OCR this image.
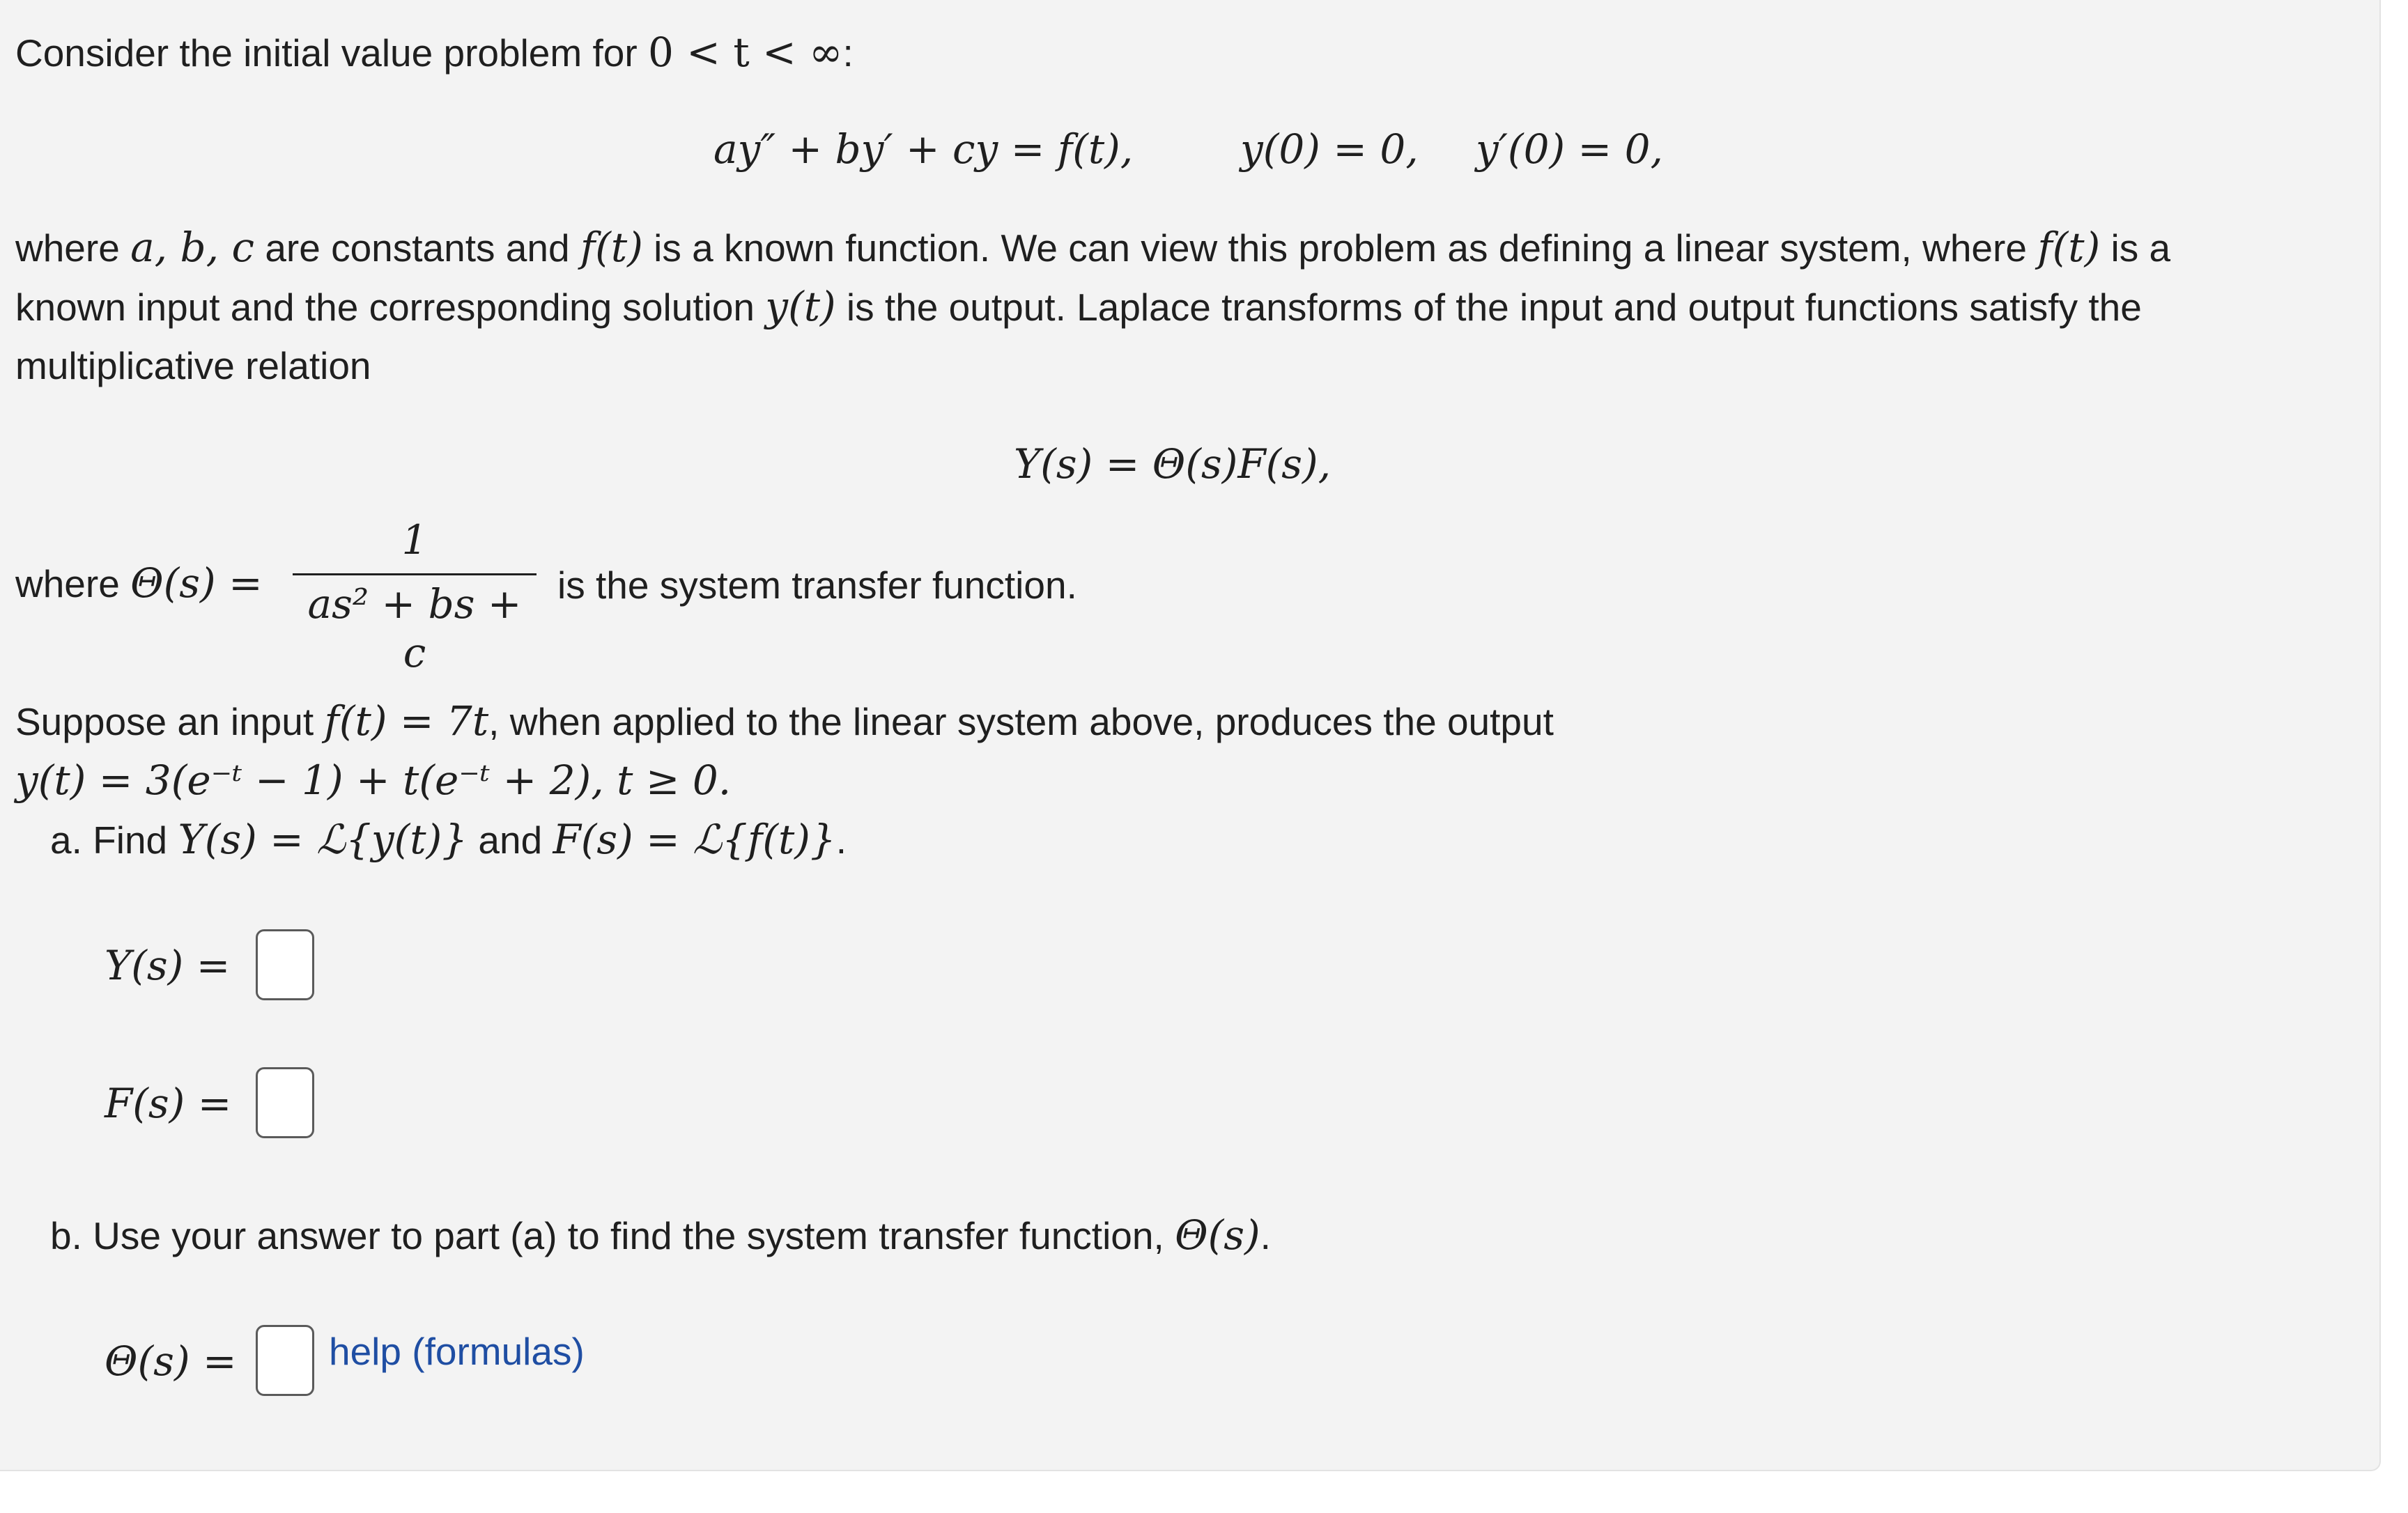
Consider the initial value problem for 0 < t < ∞:
ay″ + by′ + cy = f(t),	y(0) = 0, y′(0) = 0,
where a, b, c are constants and f(t) is a known function. We can view this problem as defining a linear system, where f(t) is a
known input and the corresponding solution y(t) is the output. Laplace transforms of the input and output functions satisfy the
multiplicative relation
Y(s) = Θ(s)F(s),
where Θ(s) =
1
as² + bs + c
is the system transfer function.
Suppose an input f(t) = 7t, when applied to the linear system above, produces the output
y(t) = 3(e⁻ᵗ − 1) + t(e⁻ᵗ + 2), t ≥ 0.
a. Find Y(s) = ℒ{y(t)} and F(s) = ℒ{f(t)}.
Y(s) =
F(s) =
b. Use your answer to part (a) to find the system transfer function, Θ(s).
Θ(s) = help (formulas)
